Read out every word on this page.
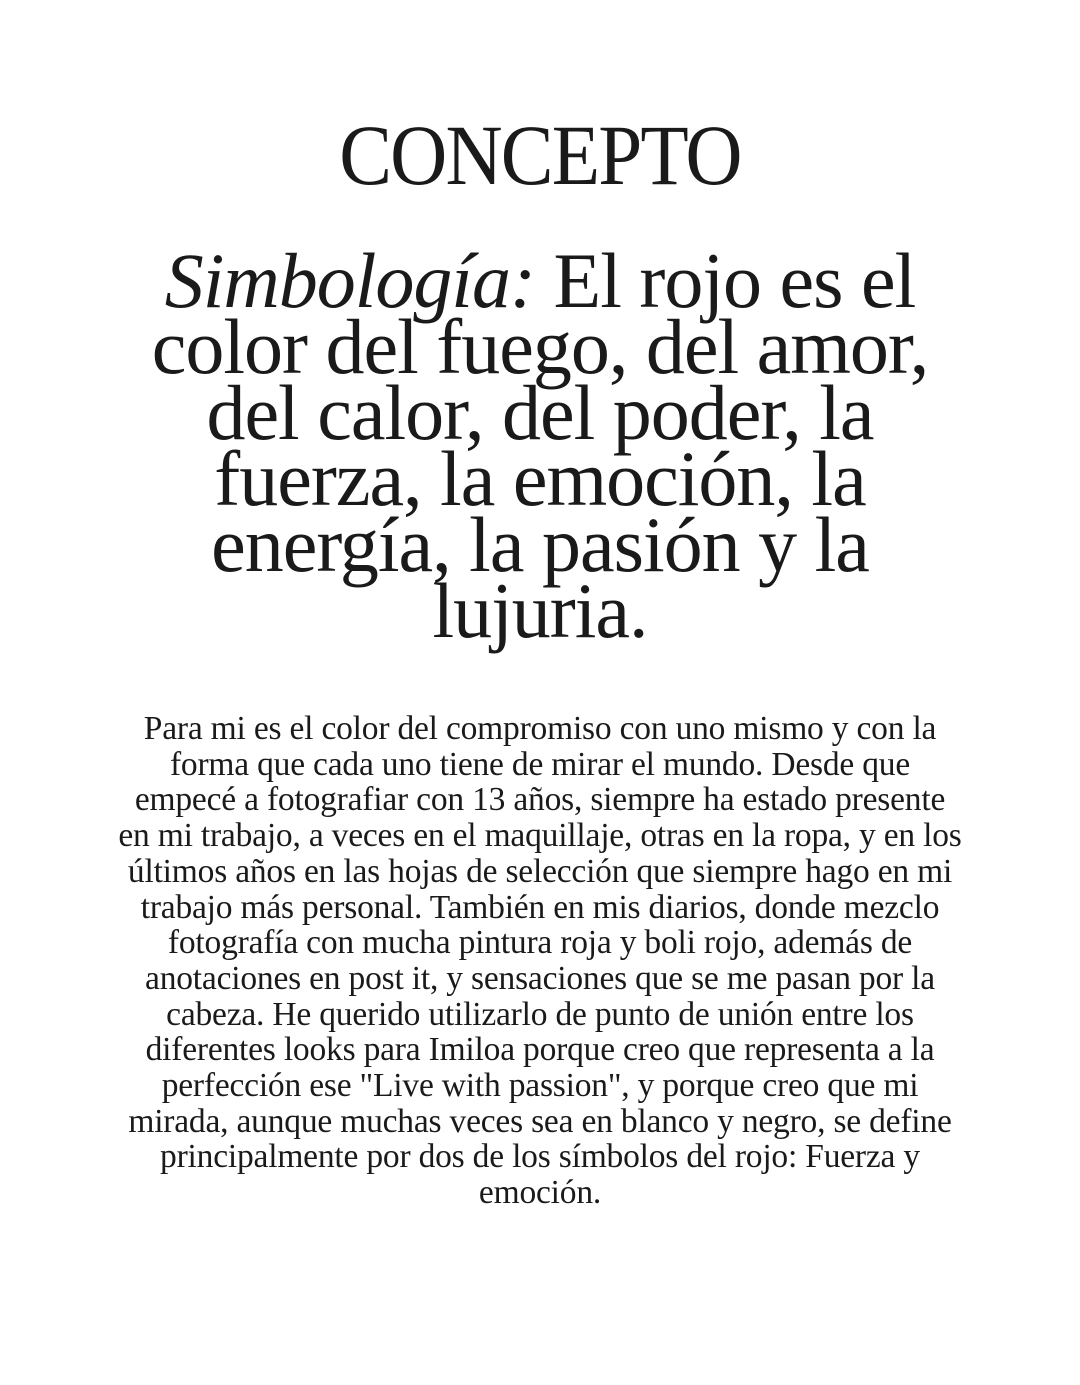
CONCEPTO

Simbología: El rojo es el color del fuego, del amor, del calor, del poder, la fuerza, la emoción, la energía, la pasión y la lujuria.

Para mi es el color del compromiso con uno mismo y con la forma que cada uno tiene de mirar el mundo. Desde que empecé a fotografiar con 13 años, siempre ha estado presente en mi trabajo, a veces en el maquillaje, otras en la ropa, y en los últimos años en las hojas de selección que siempre hago en mi trabajo más personal. También en mis diarios, donde mezclo fotografía con mucha pintura roja y boli rojo, además de anotaciones en post it, y sensaciones que se me pasan por la cabeza. He querido utilizarlo de punto de unión entre los diferentes looks para Imiloa porque creo que representa a la perfección ese "Live with passion", y porque creo que mi mirada, aunque muchas veces sea en blanco y negro, se define principalmente por dos de los símbolos del rojo: Fuerza y emoción.
